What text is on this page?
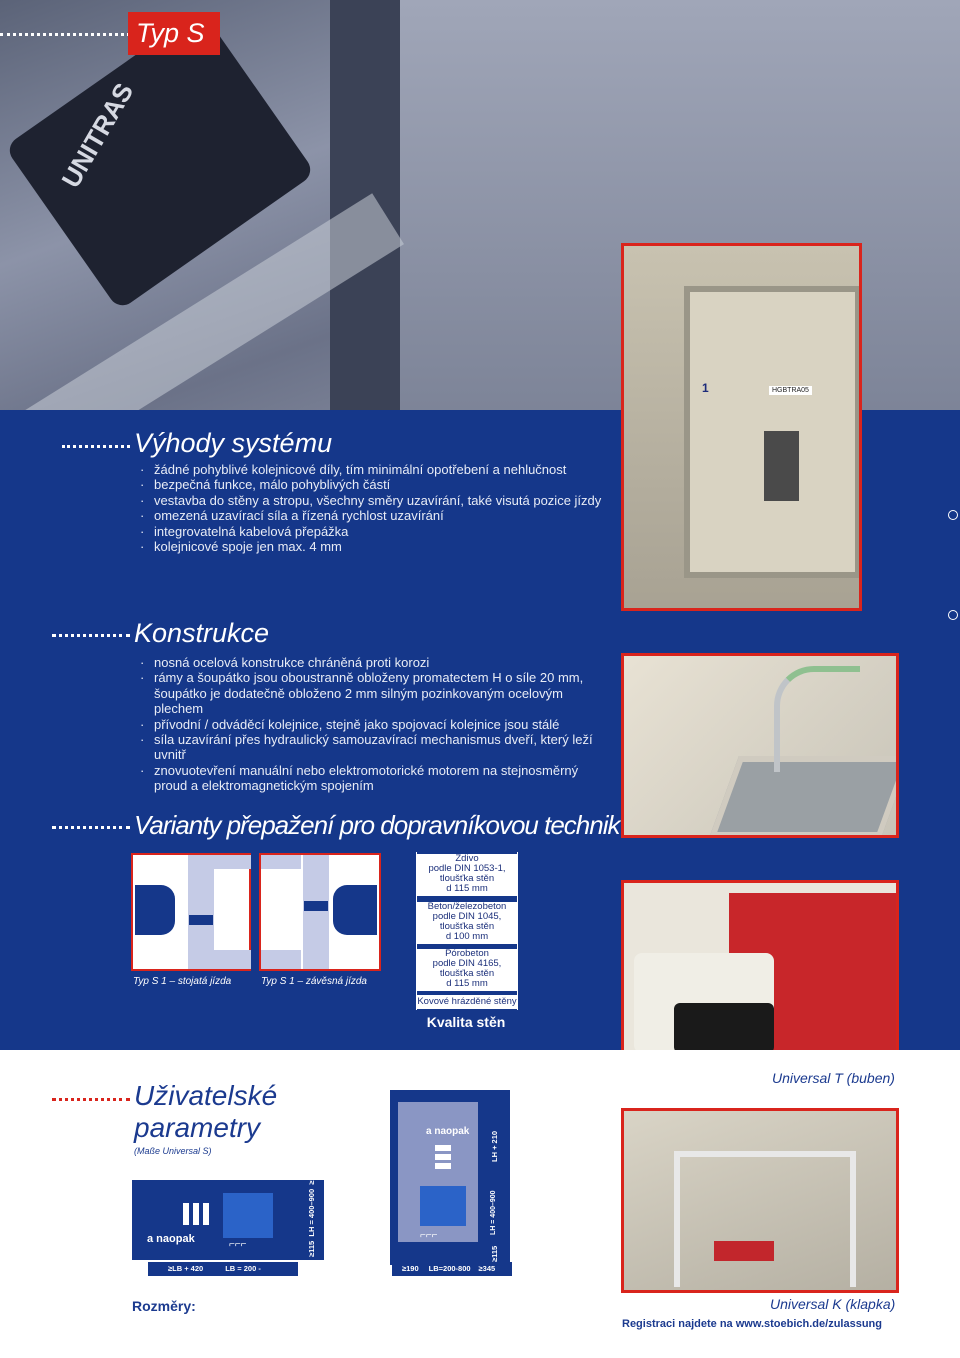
UNITRAS
Typ S
Výhody systému
· žádné pohyblivé kolejnicové díly, tím minimální opotřebení a nehlučnost
· bezpečná funkce, málo pohyblivých částí
· vestavba do stěny a stropu, všechny směry uzavírání, také visutá pozice jízdy
· omezená uzavírací síla a řízená rychlost uzavírání
· integrovatelná kabelová přepážka
· kolejnicové spoje jen max. 4 mm
Konstrukce
· nosná ocelová konstrukce chráněná proti korozi
· rámy a šoupátko jsou oboustranně obloženy promatectem H o síle 20 mm, šoupátko je dodatečně obloženo 2 mm silným pozinkovaným ocelovým plechem
· přívodní / odváděcí kolejnice, stejně jako spojovací kolejnice jsou stálé
· síla uzavírání přes hydraulický samouzavírací mechanismus dveří, který leží uvnitř
· znovuotevření manuální nebo elektromotorické motorem na stejnosměrný proud a elektromagnetickým spojením
Varianty přepažení pro dopravníkovou technik
Typ S 1 – stojatá jízda	Typ S 1 – závěsná jízda
Zdivo
podle DIN 1053-1,
tloušťka stěn
d 115 mm
Beton/železobeton
podle DIN 1045,
tloušťka stěn
d 100 mm
Pórobeton
podle DIN 4165,
tloušťka stěn
d 115 mm
Kovové hrázděné stěny
Kvalita stěn
1	HGBTRA05
Uživatelské
parametry
(Maße Universal S)
a naopak	⌐⌐⌐	≥115  LH = 400–900  ≥125
≥LB + 420	LB = 200 - 800 ≥130
a naopak
⌐⌐⌐
LH + 210
LH = 400–900
≥115
≥190 LB=200-800 ≥345
Rozměry:
Universal T (buben)
Universal K (klapka)
Registraci najdete na www.stoebich.de/zulassung
